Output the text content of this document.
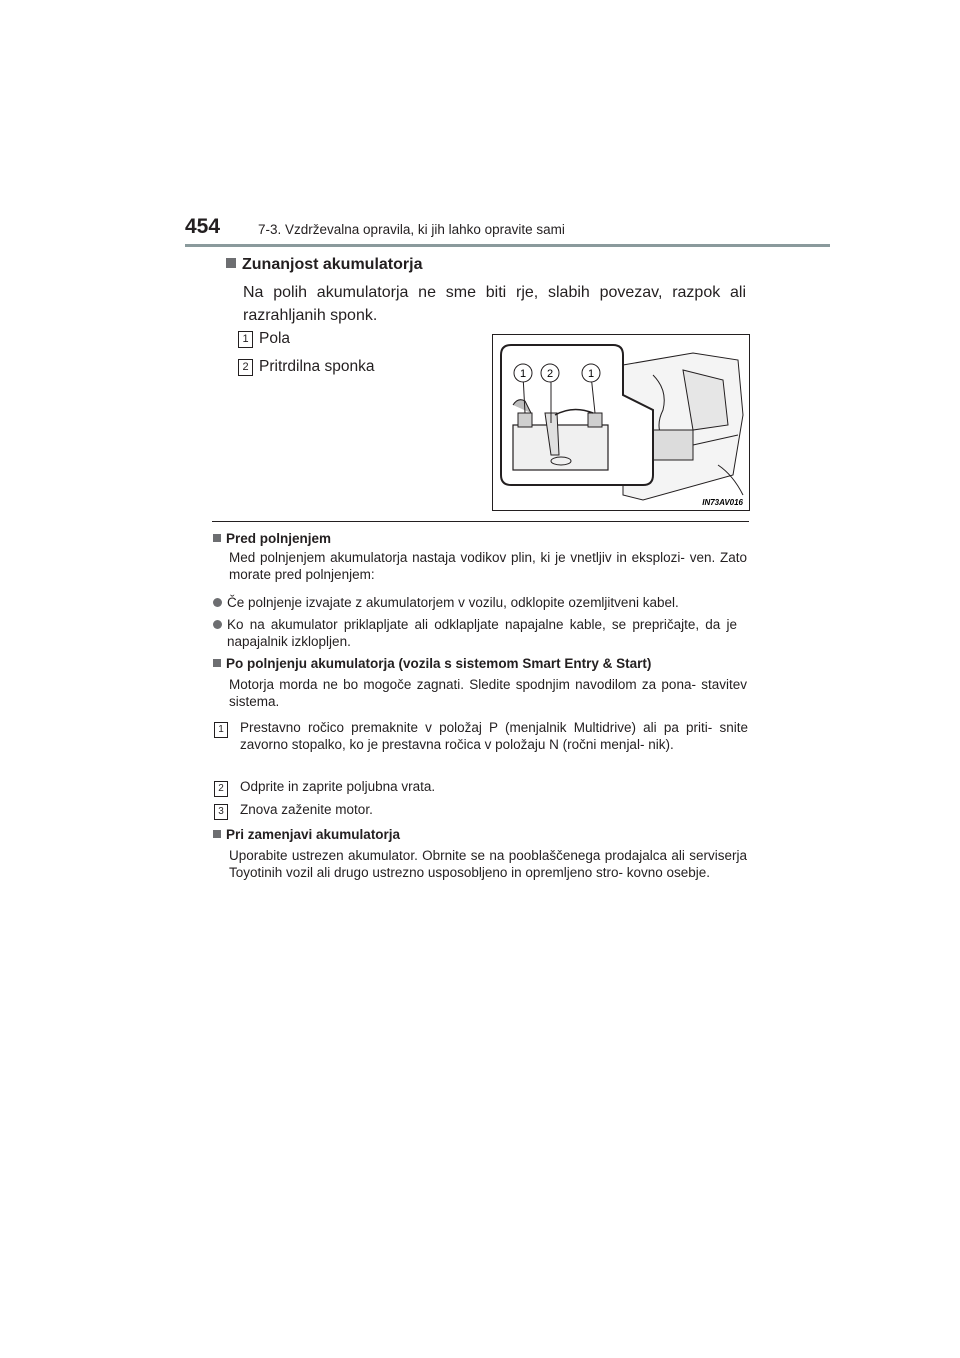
454	7-3. Vzdrževalna opravila, ki jih lahko opravite sami
Zunanjost akumulatorja
Na polih akumulatorja ne sme biti rje, slabih povezav, razpok ali razrahljanih sponk.
1 Pola
2 Pritrdilna sponka	1 2	1
IN73AV016
Pred polnjenjem
Med polnjenjem akumulatorja nastaja vodikov plin, ki je vnetljiv in eksplozi- ven. Zato morate pred polnjenjem:
Če polnjenje izvajate z akumulatorjem v vozilu, odklopite ozemljitveni kabel.
Ko na akumulator priklapljate ali odklapljate napajalne kable, se prepričajte, da je napajalnik izklopljen.
Po polnjenju akumulatorja (vozila s sistemom Smart Entry & Start)
Motorja morda ne bo mogoče zagnati. Sledite spodnjim navodilom za pona- stavitev sistema.
1 Prestavno ročico premaknite v položaj P (menjalnik Multidrive) ali pa priti- snite zavorno stopalko, ko je prestavna ročica v položaju N (ročni menjal- nik).
2 Odprite in zaprite poljubna vrata.
3 Znova zaženite motor.
Pri zamenjavi akumulatorja
Uporabite ustrezen akumulator. Obrnite se na pooblaščenega prodajalca ali serviserja Toyotinih vozil ali drugo ustrezno usposobljeno in opremljeno stro- kovno osebje.
